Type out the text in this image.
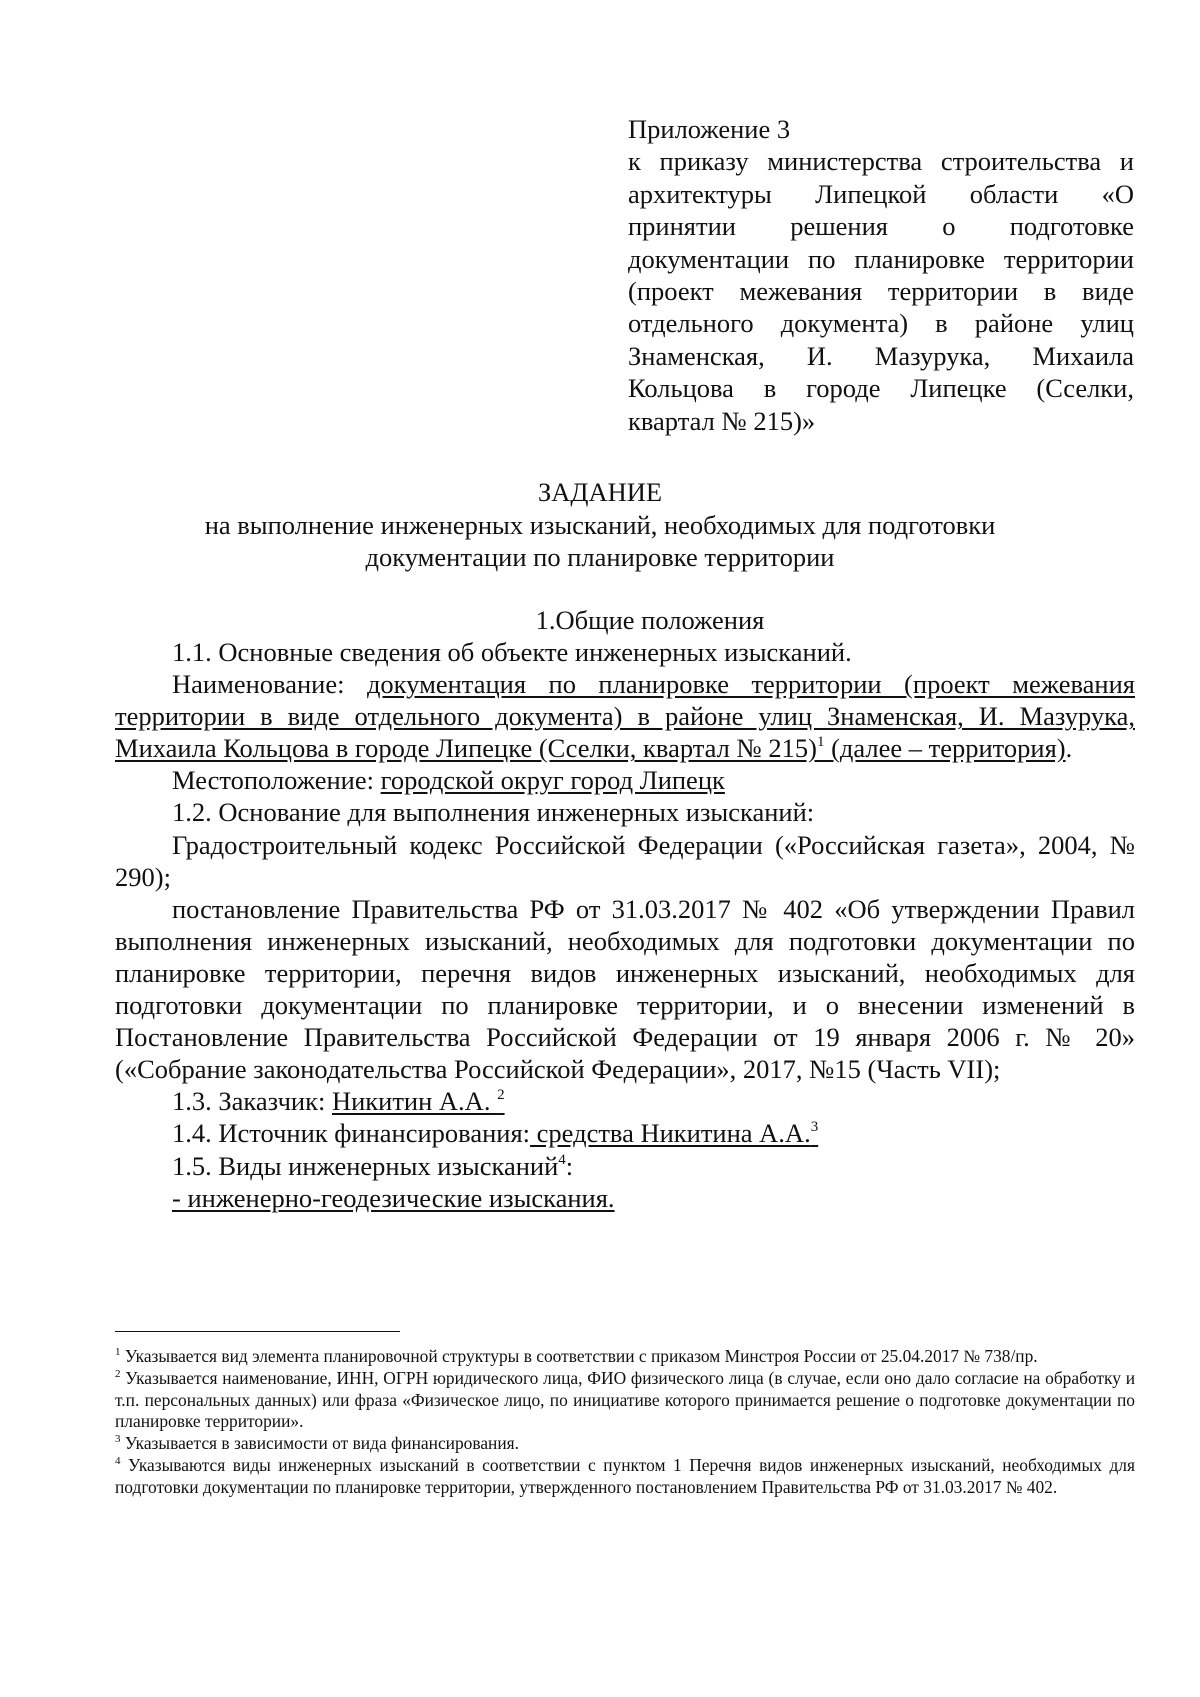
Приложение 3
к приказу министерства строительства и архитектуры Липецкой области «О принятии решения о подготовке документации по планировке территории (проект межевания территории в виде отдельного документа) в районе улиц Знаменская, И. Мазурука, Михаила Кольцова в городе Липецке (Сселки, квартал № 215)»
ЗАДАНИЕ
на выполнение инженерных изысканий, необходимых для подготовки
документации по планировке территории
1.Общие положения

1.1. Основные сведения об объекте инженерных изысканий.

Наименование: документация по планировке территории (проект межевания территории в виде отдельного документа) в районе улиц Знаменская, И. Мазурука, Михаила Кольцова в городе Липецке (Сселки, квартал № 215)$^1$ (далее – территория).

Местоположение: городской округ город Липецк

1.2. Основание для выполнения инженерных изысканий:

Градостроительный кодекс Российской Федерации («Российская газета», 2004, № 290);

постановление Правительства РФ от 31.03.2017 № 402 «Об утверждении Правил выполнения инженерных изысканий, необходимых для подготовки документации по планировке территории, перечня видов инженерных изысканий, необходимых для подготовки документации по планировке территории, и о внесении изменений в Постановление Правительства Российской Федерации от 19 января 2006 г. № 20» («Собрание законодательства Российской Федерации», 2017, №15 (Часть VII);

1.3. Заказчик: Никитин А.А. $^2$

1.4. Источник финансирования: средства Никитина А.А.$^3$

1.5. Виды инженерных изысканий$^4$:

- инженерно-геодезические изыскания.

$^1$ Указывается вид элемента планировочной структуры в соответствии с приказом Минстроя России от 25.04.2017 № 738/пр.

$^2$ Указывается наименование, ИНН, ОГРН юридического лица, ФИО физического лица (в случае, если оно дало согласие на обработку и т.п. персональных данных) или фраза «Физическое лицо, по инициативе которого принимается решение о подготовке документации по планировке территории».

$^3$ Указывается в зависимости от вида финансирования.

$^4$ Указываются виды инженерных изысканий в соответствии с пунктом 1 Перечня видов инженерных изысканий, необходимых для подготовки документации по планировке территории, утвержденного постановлением Правительства РФ от 31.03.2017 № 402.
